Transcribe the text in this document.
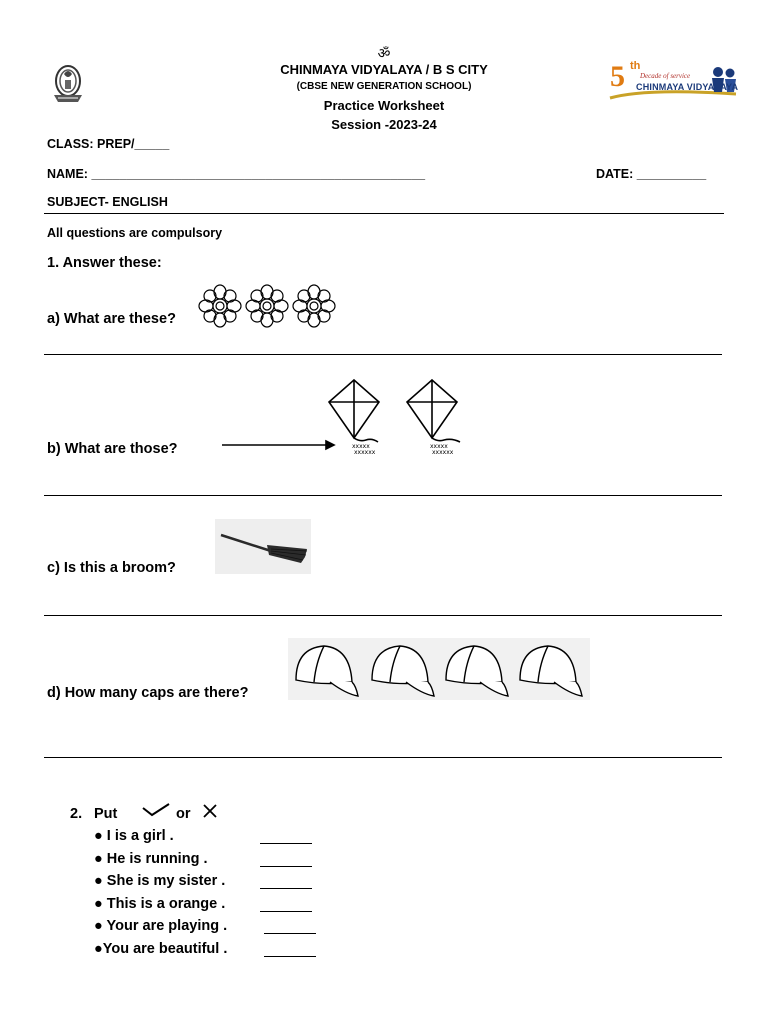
ॐ
CHINMAYA VIDYALAYA / B S CITY
(CBSE NEW GENERATION SCHOOL)
Practice Worksheet
Session -2023-24
5 th
Decade of service
CHINMAYA VIDYALAYA
CLASS: PREP/_____
NAME: ________________________________________________	DATE: __________
SUBJECT- ENGLISH
All questions are compulsory
1. Answer these:
a) What are these?
b) What are those?	xxxxx
xxxxxx
xxxxx
xxxxxx
c) Is this a broom?
d) How many caps are there?
2. Put	or
● I is a girl .
● He is running .
● She is my sister .
● This is a orange .
● Your are playing .
●You are beautiful .
